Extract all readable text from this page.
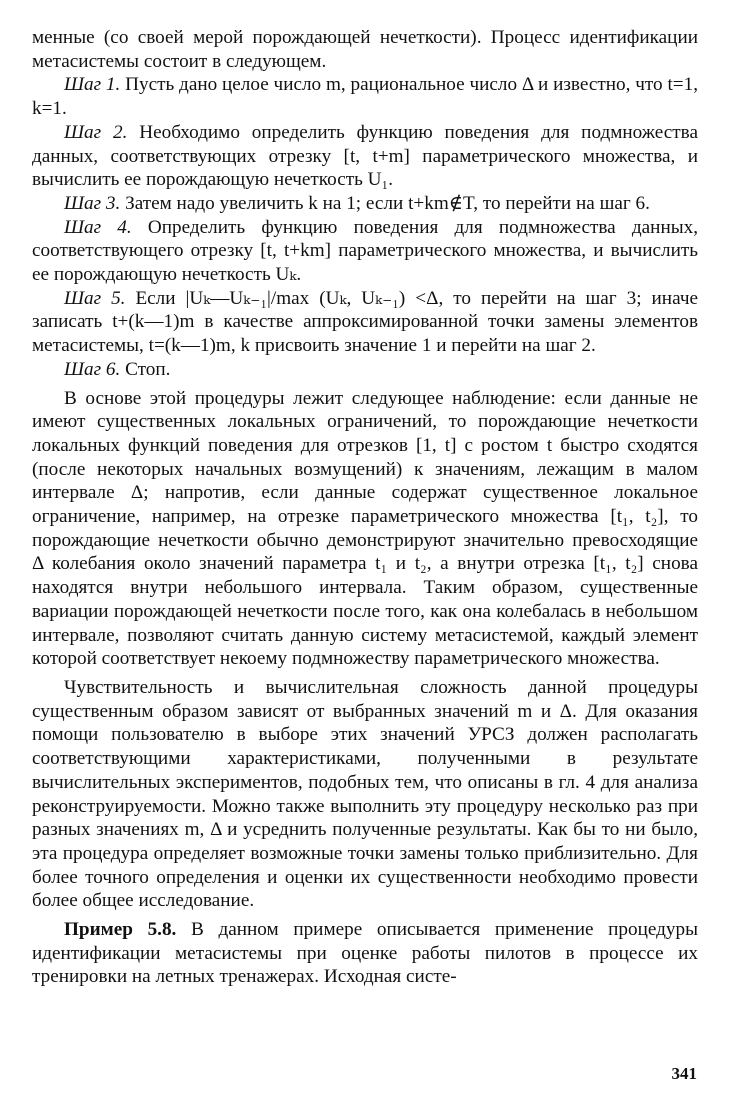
менные (со своей мерой порождающей нечеткости). Процесс идентификации метасистемы состоит в следующем.

Шаг 1. Пусть дано целое число m, рациональное число Δ и известно, что t=1, k=1.

Шаг 2. Необходимо определить функцию поведения для подмножества данных, соответствующих отрезку [t, t+m] параметрического множества, и вычислить ее порождающую нечеткость U₁.

Шаг 3. Затем надо увеличить k на 1; если t+km∉T, то перейти на шаг 6.

Шаг 4. Определить функцию поведения для подмножества данных, соответствующего отрезку [t, t+km] параметрического множества, и вычислить ее порождающую нечеткость Uₖ.

Шаг 5. Если |Uₖ—Uₖ₋₁|/max (Uₖ, Uₖ₋₁) <Δ, то перейти на шаг 3; иначе записать t+(k—1)m в качестве аппроксимированной точки замены элементов метасистемы, t=(k—1)m, k присвоить значение 1 и перейти на шаг 2.

Шаг 6. Стоп.

В основе этой процедуры лежит следующее наблюдение: если данные не имеют существенных локальных ограничений, то порождающие нечеткости локальных функций поведения для отрезков [1, t] с ростом t быстро сходятся (после некоторых начальных возмущений) к значениям, лежащим в малом интервале Δ; напротив, если данные содержат существенное локальное ограничение, например, на отрезке параметрического множества [t₁, t₂], то порождающие нечеткости обычно демонстрируют значительно превосходящие Δ колебания около значений параметра t₁ и t₂, а внутри отрезка [t₁, t₂] снова находятся внутри небольшого интервала. Таким образом, существенные вариации порождающей нечеткости после того, как она колебалась в небольшом интервале, позволяют считать данную систему метасистемой, каждый элемент которой соответствует некоему подмножеству параметрического множества.

Чувствительность и вычислительная сложность данной процедуры существенным образом зависят от выбранных значений m и Δ. Для оказания помощи пользователю в выборе этих значений УРСЗ должен располагать соответствующими характеристиками, полученными в результате вычислительных экспериментов, подобных тем, что описаны в гл. 4 для анализа реконструируемости. Можно также выполнить эту процедуру несколько раз при разных значениях m, Δ и усреднить полученные результаты. Как бы то ни было, эта процедура определяет возможные точки замены только приблизительно. Для более точного определения и оценки их существенности необходимо провести более общее исследование.

Пример 5.8. В данном примере описывается применение процедуры идентификации метасистемы при оценке работы пилотов в процессе их тренировки на летных тренажерах. Исходная систе-

341
